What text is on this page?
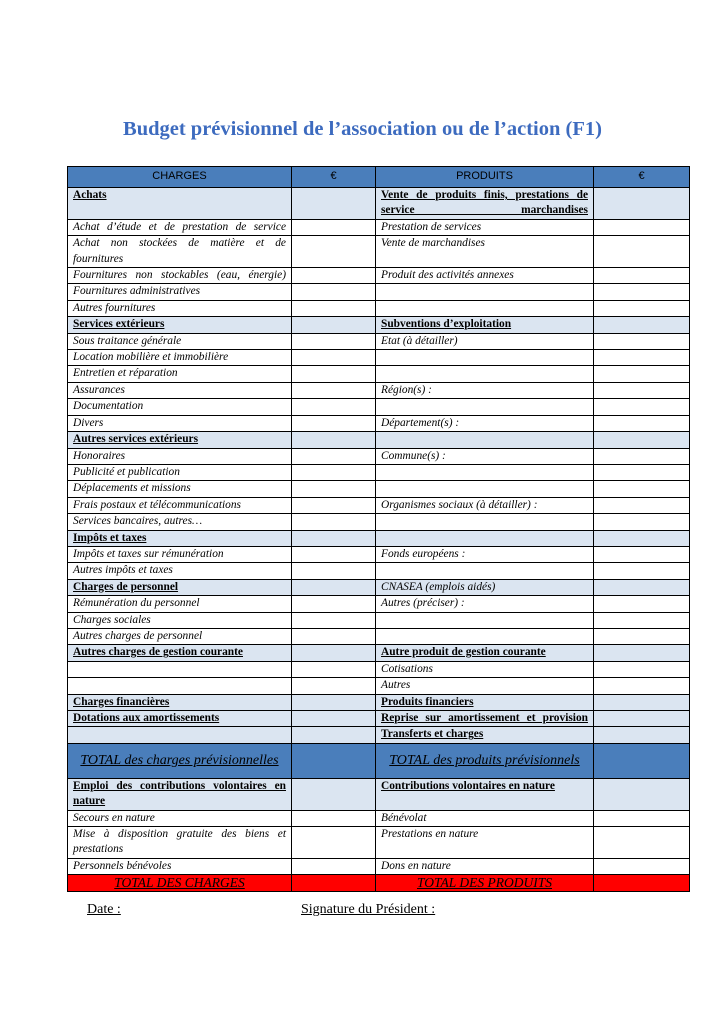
Budget prévisionnel de l’association ou de l’action (F1)
CHARGES	€	PRODUITS	€
Achats		Vente de produits finis, prestations de service marchandises	
Achat d’étude et de prestation de service		Prestation de services	
Achat non stockées de matière et de fournitures		Vente de marchandises	
Fournitures non stockables (eau, énergie)		Produit des activités annexes	
Fournitures administratives			
Autres fournitures			
Services extérieurs		Subventions d’exploitation	
Sous traitance générale		Etat (à détailler)	
Location mobilière et immobilière			
Entretien et réparation			
Assurances		Région(s) :	
Documentation			
Divers		Département(s) :	
Autres services extérieurs			
Honoraires		Commune(s) :	
Publicité et publication			
Déplacements et missions			
Frais postaux et télécommunications		Organismes sociaux (à détailler) :	
Services bancaires, autres…			
Impôts et taxes			
Impôts et taxes sur rémunération		Fonds européens :	
Autres impôts et taxes			
Charges de personnel		CNASEA (emplois aidés)	
Rémunération du personnel		Autres (préciser) :	
Charges sociales			
Autres charges de personnel			
Autres charges de gestion courante		Autre produit de gestion courante	
		Cotisations	
		Autres	
Charges financières		Produits financiers	
Dotations aux amortissements		Reprise sur amortissement et provision	
		Transferts et charges	
TOTAL des charges prévisionnelles		TOTAL des produits prévisionnels	
Emploi des contributions volontaires en nature		Contributions volontaires en nature	
Secours en nature		Bénévolat	
Mise à disposition gratuite des biens et prestations		Prestations en nature	
Personnels bénévoles		Dons en nature	
TOTAL DES CHARGES		TOTAL DES PRODUITS	
Date :	Signature du Président :
